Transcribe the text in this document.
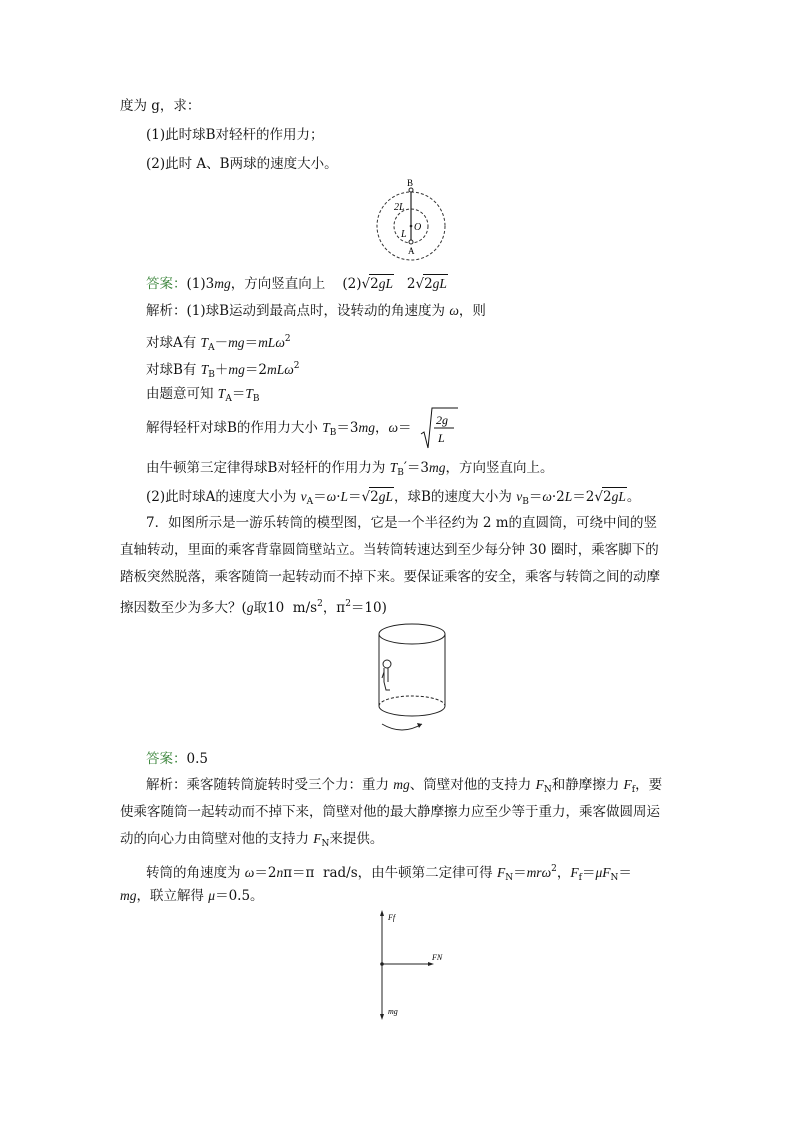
度为 g，求：
(1)此时球B对轻杆的作用力；
(2)此时 A、B两球的速度大小。
B
A
O
2L
L
答案：(1)3mg，方向竖直向上    (2)√2gL   2√2gL
解析：(1)球B运动到最高点时，设转动的角速度为 ω，则
对球A有 $T_A-mg=mL\omega^2$
对球B有 $T_B+mg=2mL\omega^2$
由题意可知 $T_A=T_B$
解得轻杆对球B的作用力大小 $T_B=3mg$，ω＝ 2g
L
由牛顿第三定律得球B对轻杆的作用力为 $T_B'=3mg$，方向竖直向上。
(2)此时球A的速度大小为 $v_A=\omega\cdot L=√2gL$，球B的速度大小为 $v_B=\omega\cdot 2L=2√2gL$。
7．如图所示是一游乐转筒的模型图，它是一个半径约为 2 m的直圆筒，可绕中间的竖
直轴转动，里面的乘客背靠圆筒壁站立。当转筒转速达到至少每分钟 30 圈时，乘客脚下的
踏板突然脱落，乘客随筒一起转动而不掉下来。要保证乘客的安全，乘客与转筒之间的动摩
擦因数至少为多大？(g取10  $m/s^2$，$\pi^2=10$)
答案：0.5
解析：乘客随转筒旋转时受三个力：重力 mg、筒壁对他的支持力 $F_N$和静摩擦力 $F_f$，要
使乘客随筒一起转动而不掉下来，筒壁对他的最大静摩擦力应至少等于重力，乘客做圆周运
动的向心力由筒壁对他的支持力 $F_N$来提供。
转筒的角速度为 ω＝2nπ＝π  rad/s，由牛顿第二定律可得 $F_N=mr\omega^2$，$F_f=\mu F_N=$
mg，联立解得 μ＝0.5。
Ff
FN
mg
